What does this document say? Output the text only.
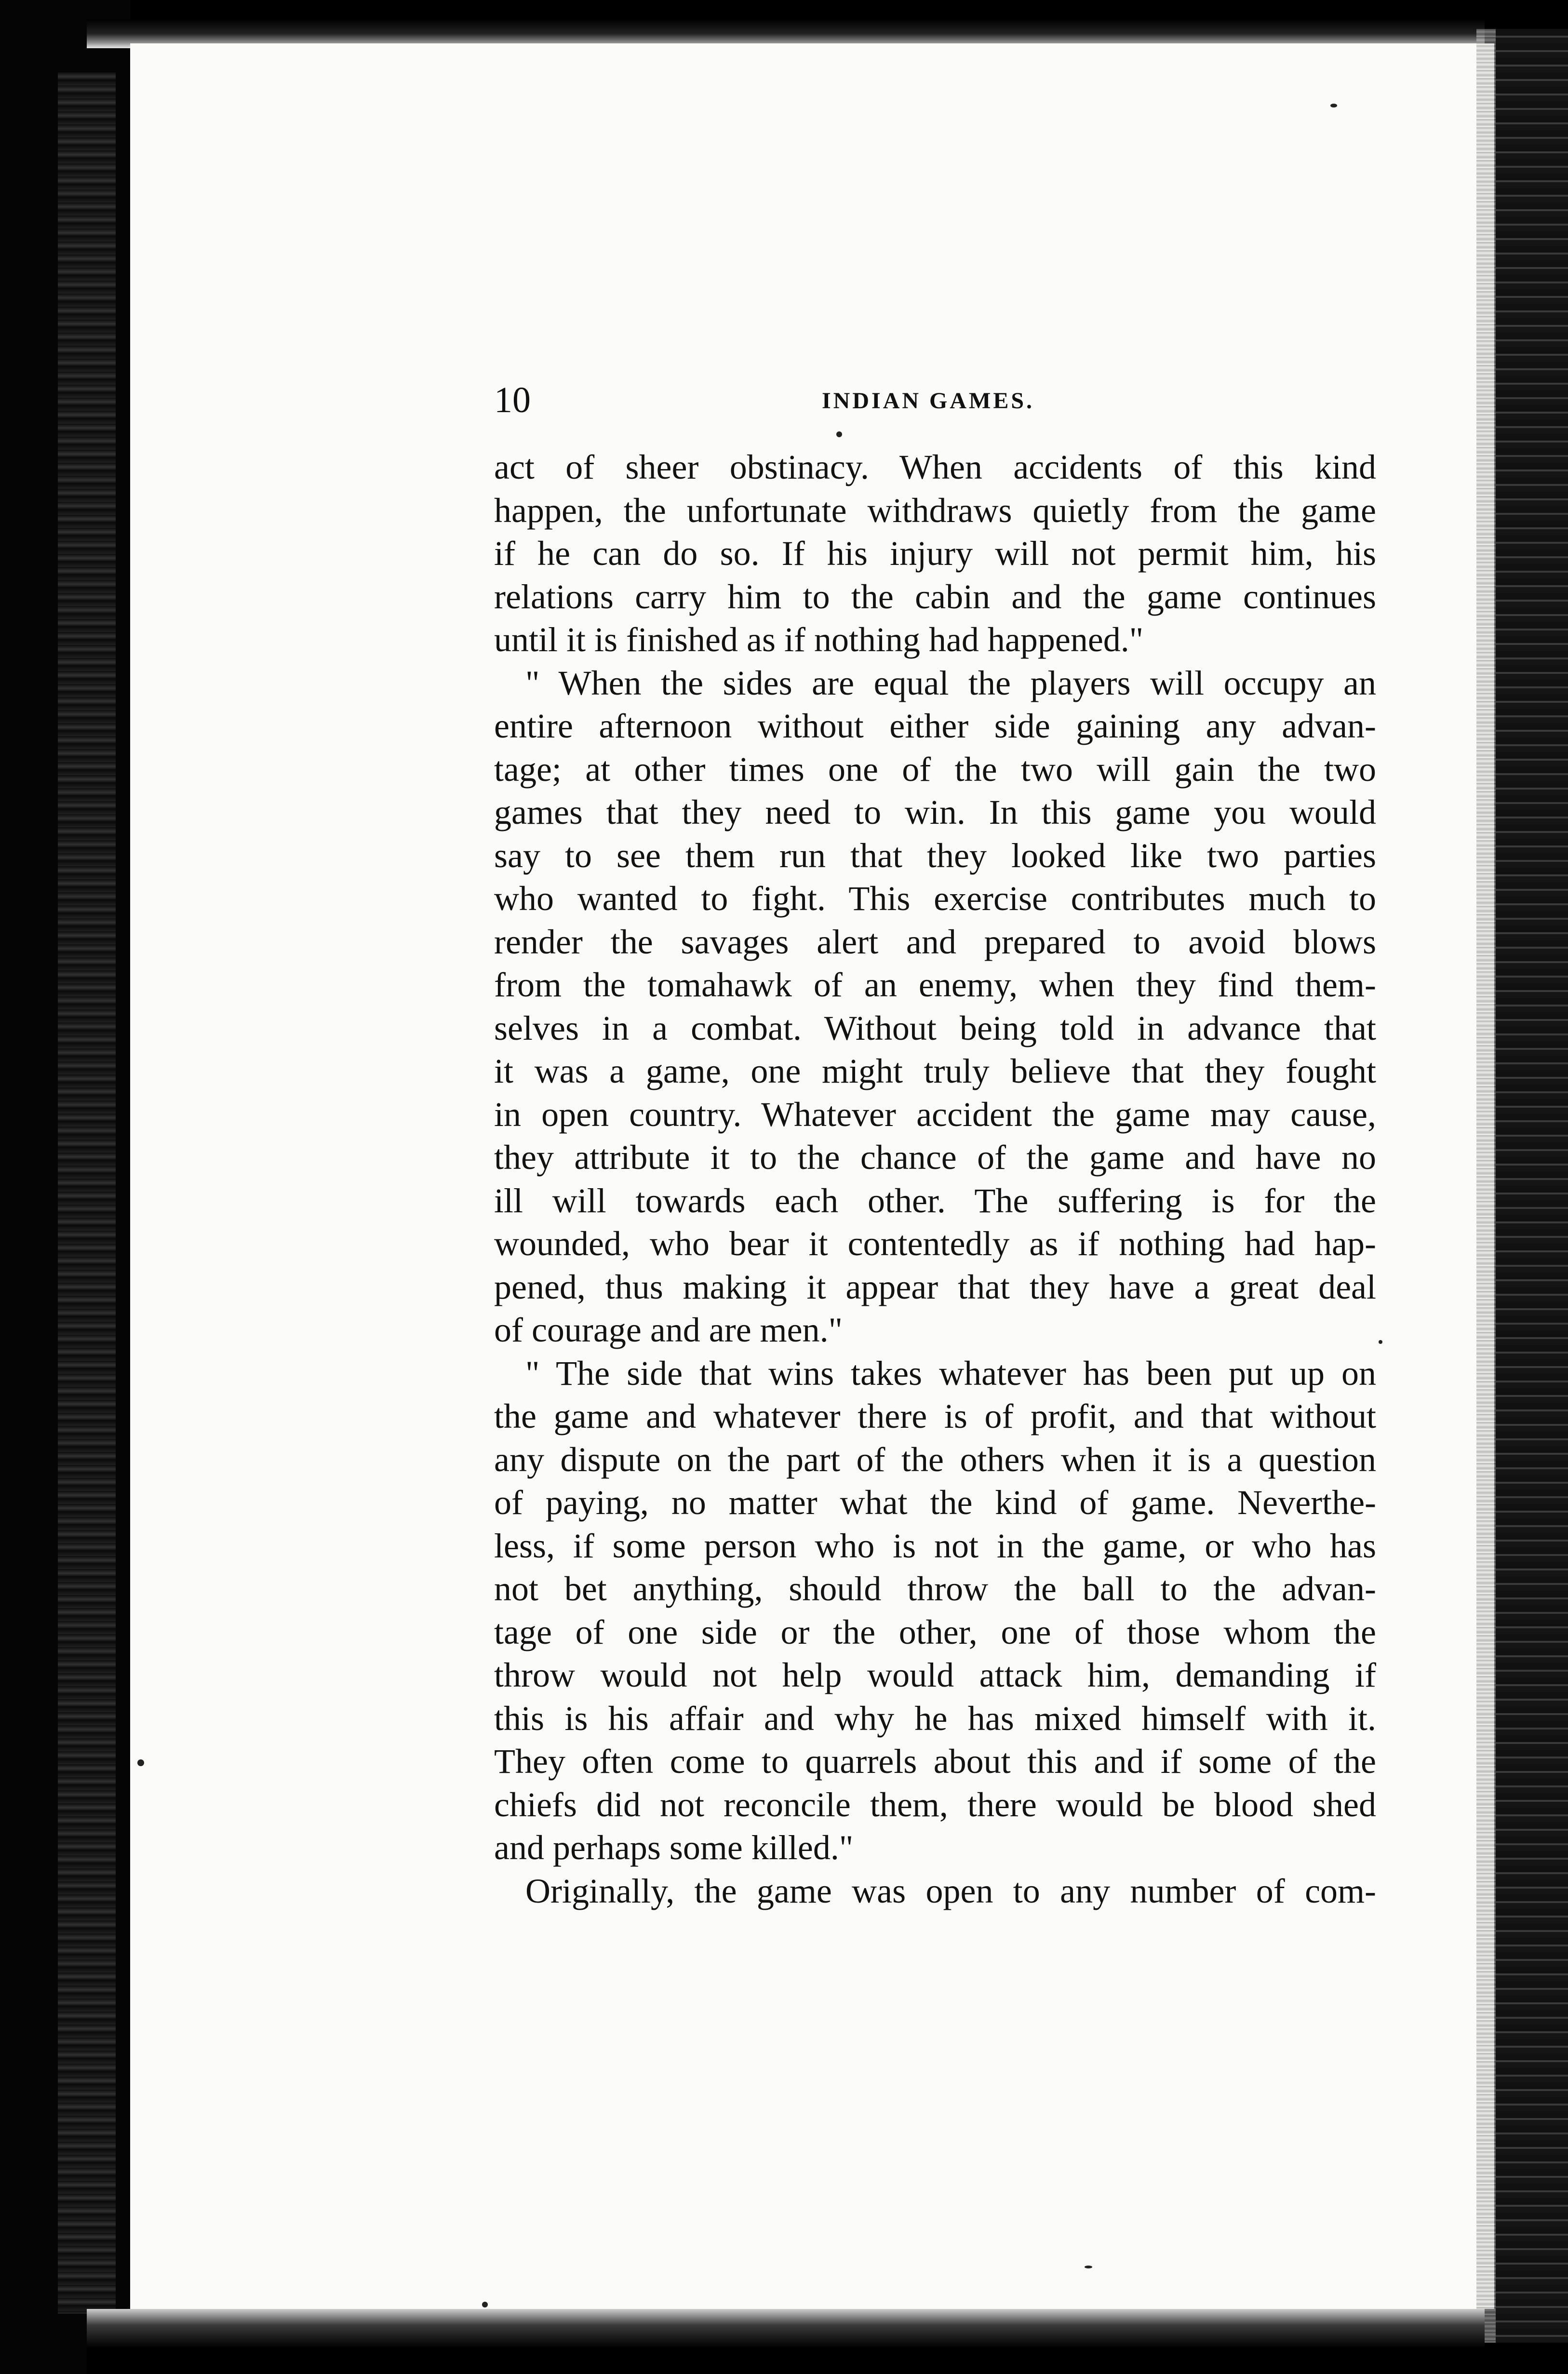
10	INDIAN GAMES.
act of sheer obstinacy. When accidents of this kind
happen, the unfortunate withdraws quietly from the game
if he can do so. If his injury will not permit him, his
relations carry him to the cabin and the game continues
until it is finished as if nothing had happened."
" When the sides are equal the players will occupy an
entire afternoon without either side gaining any advan-
tage; at other times one of the two will gain the two
games that they need to win. In this game you would
say to see them run that they looked like two parties
who wanted to fight. This exercise contributes much to
render the savages alert and prepared to avoid blows
from the tomahawk of an enemy, when they find them-
selves in a combat. Without being told in advance that
it was a game, one might truly believe that they fought
in open country. Whatever accident the game may cause,
they attribute it to the chance of the game and have no
ill will towards each other. The suffering is for the
wounded, who bear it contentedly as if nothing had hap-
pened, thus making it appear that they have a great deal
of courage and are men."
" The side that wins takes whatever has been put up on
the game and whatever there is of profit, and that without
any dispute on the part of the others when it is a question
of paying, no matter what the kind of game. Neverthe-
less, if some person who is not in the game, or who has
not bet anything, should throw the ball to the advan-
tage of one side or the other, one of those whom the
throw would not help would attack him, demanding if
this is his affair and why he has mixed himself with it.
They often come to quarrels about this and if some of the
chiefs did not reconcile them, there would be blood shed
and perhaps some killed."
Originally, the game was open to any number of com-
